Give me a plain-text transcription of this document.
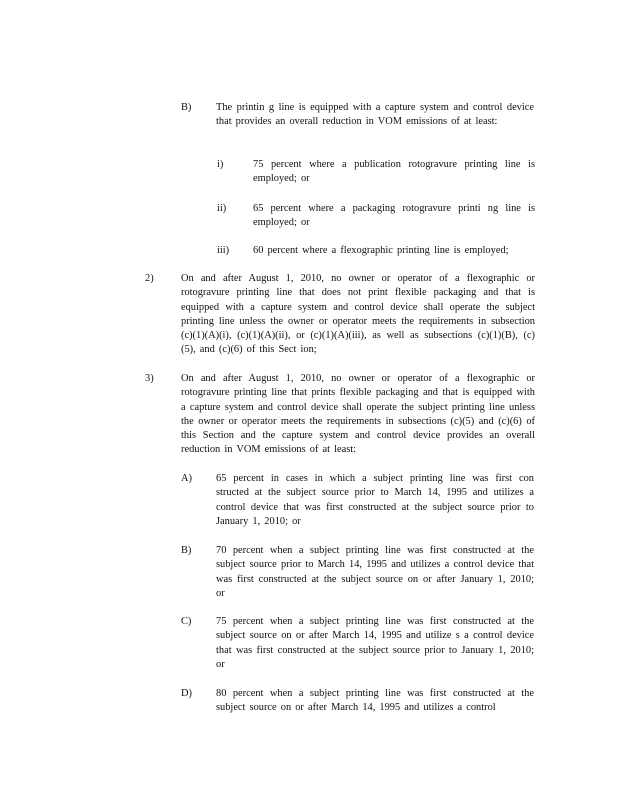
B) The printin g line is equipped with a capture system and control device that provides an overall reduction in VOM emissions of at least:
i)	75 percent where a publication rotogravure printing line is employed; or
ii)	65 percent where a packaging rotogravure printi ng line is employed; or
iii) 60 percent where a flexographic printing line is employed;
2)	On and after August 1, 2010, no owner or operator of a flexographic or rotogravure printing line that does not print flexible packaging and that is equipped with a capture system and control device shall operate the subject printing line unless the owner or operator meets the requirements in subsection (c)(1)(A)(i), (c)(1)(A)(ii), or (c)(1)(A)(iii), as well as subsections (c)(1)(B), (c)(5), and (c)(6) of this Sect ion;
3)	On and after August 1, 2010, no owner or operator of a flexographic or rotogravure printing line that prints flexible packaging and that is equipped with a capture system and control device shall operate the subject printing line unless the owner or operator meets the requirements in subsections (c)(5) and (c)(6) of this Section and the capture system and control device provides an overall reduction in VOM emissions of at least:
A) 65 percent in cases in which a subject printing line was first con structed at the subject source prior to March 14, 1995 and utilizes a control device that was first constructed at the subject source prior to January 1, 2010; or
B) 70 percent when a subject printing line was first constructed at the subject source prior to March 14, 1995 and utilizes a control device that was first constructed at the subject source on or after January 1, 2010; or
C) 75 percent when a subject printing line was first constructed at the subject source on or after March 14, 1995 and utilize s a control device that was first constructed at the subject source prior to January 1, 2010; or
D) 80 percent when a subject printing line was first constructed at the subject source on or after March 14, 1995 and utilizes a control
